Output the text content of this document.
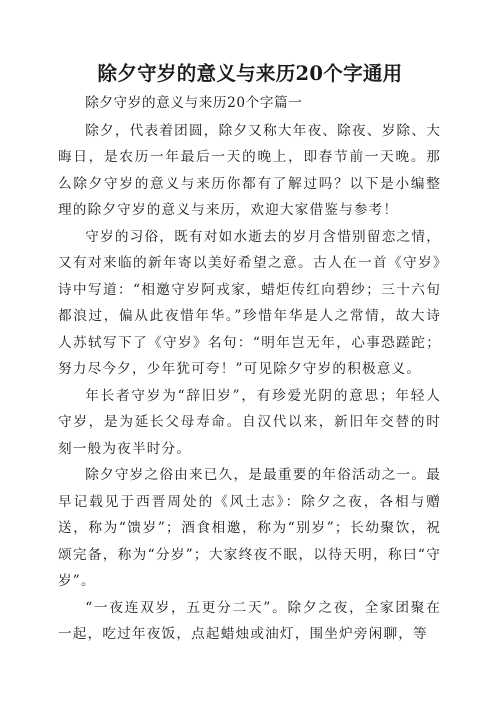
除夕守岁的意义与来历20个字通用

除夕守岁的意义与来历20个字篇一

除夕，代表着团圆，除夕又称大年夜、除夜、岁除、大晦日，是农历一年最后一天的晚上，即春节前一天晚。那么除夕守岁的意义与来历你都有了解过吗？以下是小编整理的除夕守岁的意义与来历，欢迎大家借鉴与参考！

守岁的习俗，既有对如水逝去的岁月含惜别留恋之情，又有对来临的新年寄以美好希望之意。古人在一首《守岁》诗中写道：“相邀守岁阿戎家，蜡炬传红向碧纱；三十六旬都浪过，偏从此夜惜年华。”珍惜年华是人之常情，故大诗人苏轼写下了《守岁》名句：“明年岂无年，心事恐蹉跎；努力尽今夕，少年犹可夸！”可见除夕守岁的积极意义。

年长者守岁为“辞旧岁”，有珍爱光阴的意思；年轻人守岁，是为延长父母寿命。自汉代以来，新旧年交替的时刻一般为夜半时分。

除夕守岁之俗由来已久，是最重要的年俗活动之一。最早记载见于西晋周处的《风土志》：除夕之夜，各相与赠送，称为“馈岁”；酒食相邀，称为“别岁”；长幼聚饮，祝颂完备，称为“分岁”；大家终夜不眠，以待天明，称曰“守岁”。

“一夜连双岁，五更分二天”。除夕之夜，全家团聚在一起，吃过年夜饭，点起蜡烛或油灯，围坐炉旁闲聊，等
